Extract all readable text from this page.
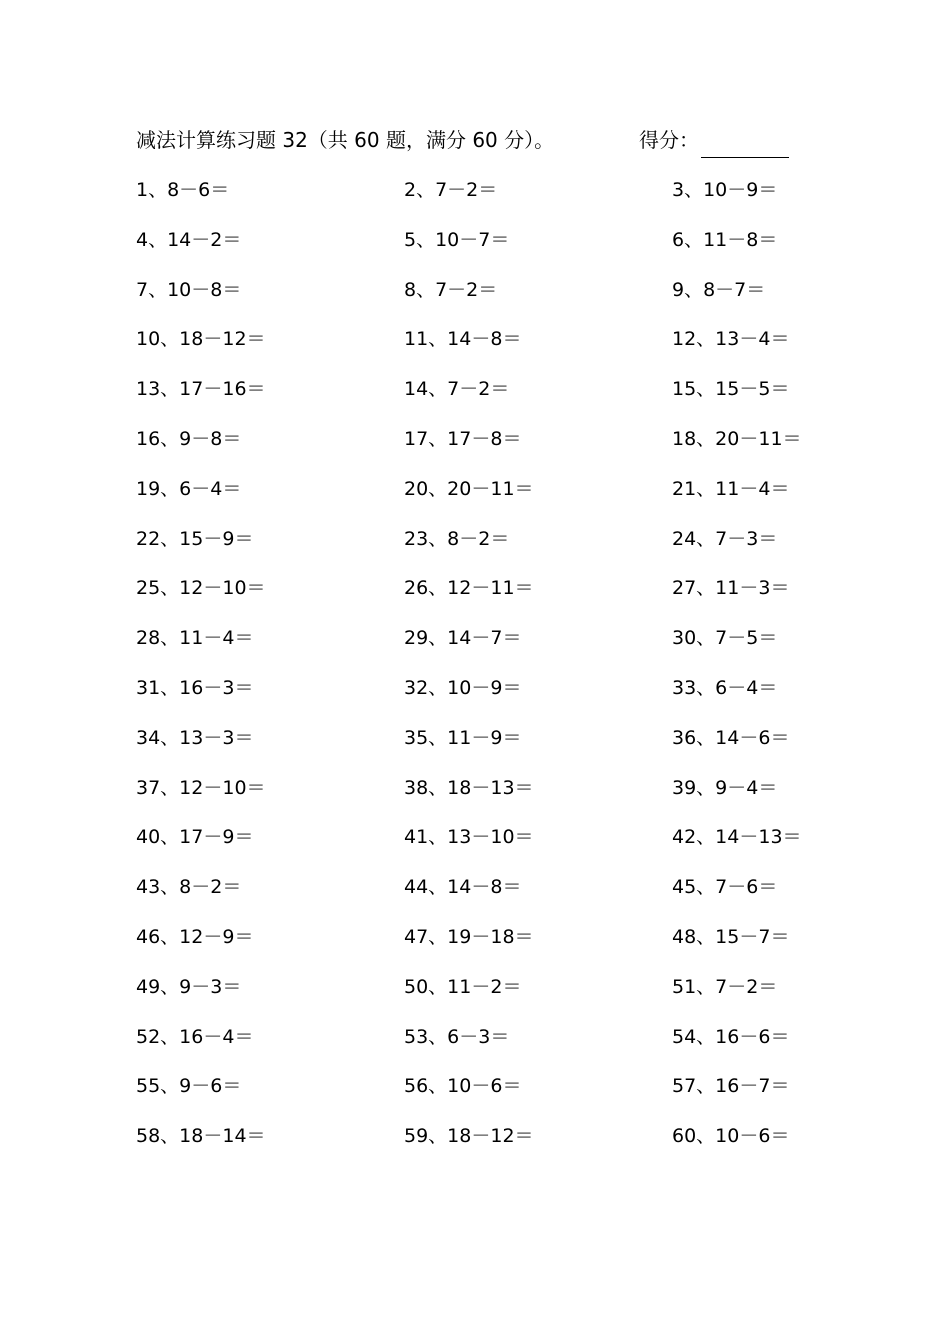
减法计算练习题 32（共 60 题，满分 60 分）。	得分：
1、8－6＝	2、7－2＝	3、10－9＝
4、14－2＝	5、10－7＝	6、11－8＝
7、10－8＝	8、7－2＝	9、8－7＝
10、18－12＝	11、14－8＝	12、13－4＝
13、17－16＝	14、7－2＝	15、15－5＝
16、9－8＝	17、17－8＝	18、20－11＝
19、6－4＝	20、20－11＝	21、11－4＝
22、15－9＝	23、8－2＝	24、7－3＝
25、12－10＝	26、12－11＝	27、11－3＝
28、11－4＝	29、14－7＝	30、7－5＝
31、16－3＝	32、10－9＝	33、6－4＝
34、13－3＝	35、11－9＝	36、14－6＝
37、12－10＝	38、18－13＝	39、9－4＝
40、17－9＝	41、13－10＝	42、14－13＝
43、8－2＝	44、14－8＝	45、7－6＝
46、12－9＝	47、19－18＝	48、15－7＝
49、9－3＝	50、11－2＝	51、7－2＝
52、16－4＝	53、6－3＝	54、16－6＝
55、9－6＝	56、10－6＝	57、16－7＝
58、18－14＝	59、18－12＝	60、10－6＝
